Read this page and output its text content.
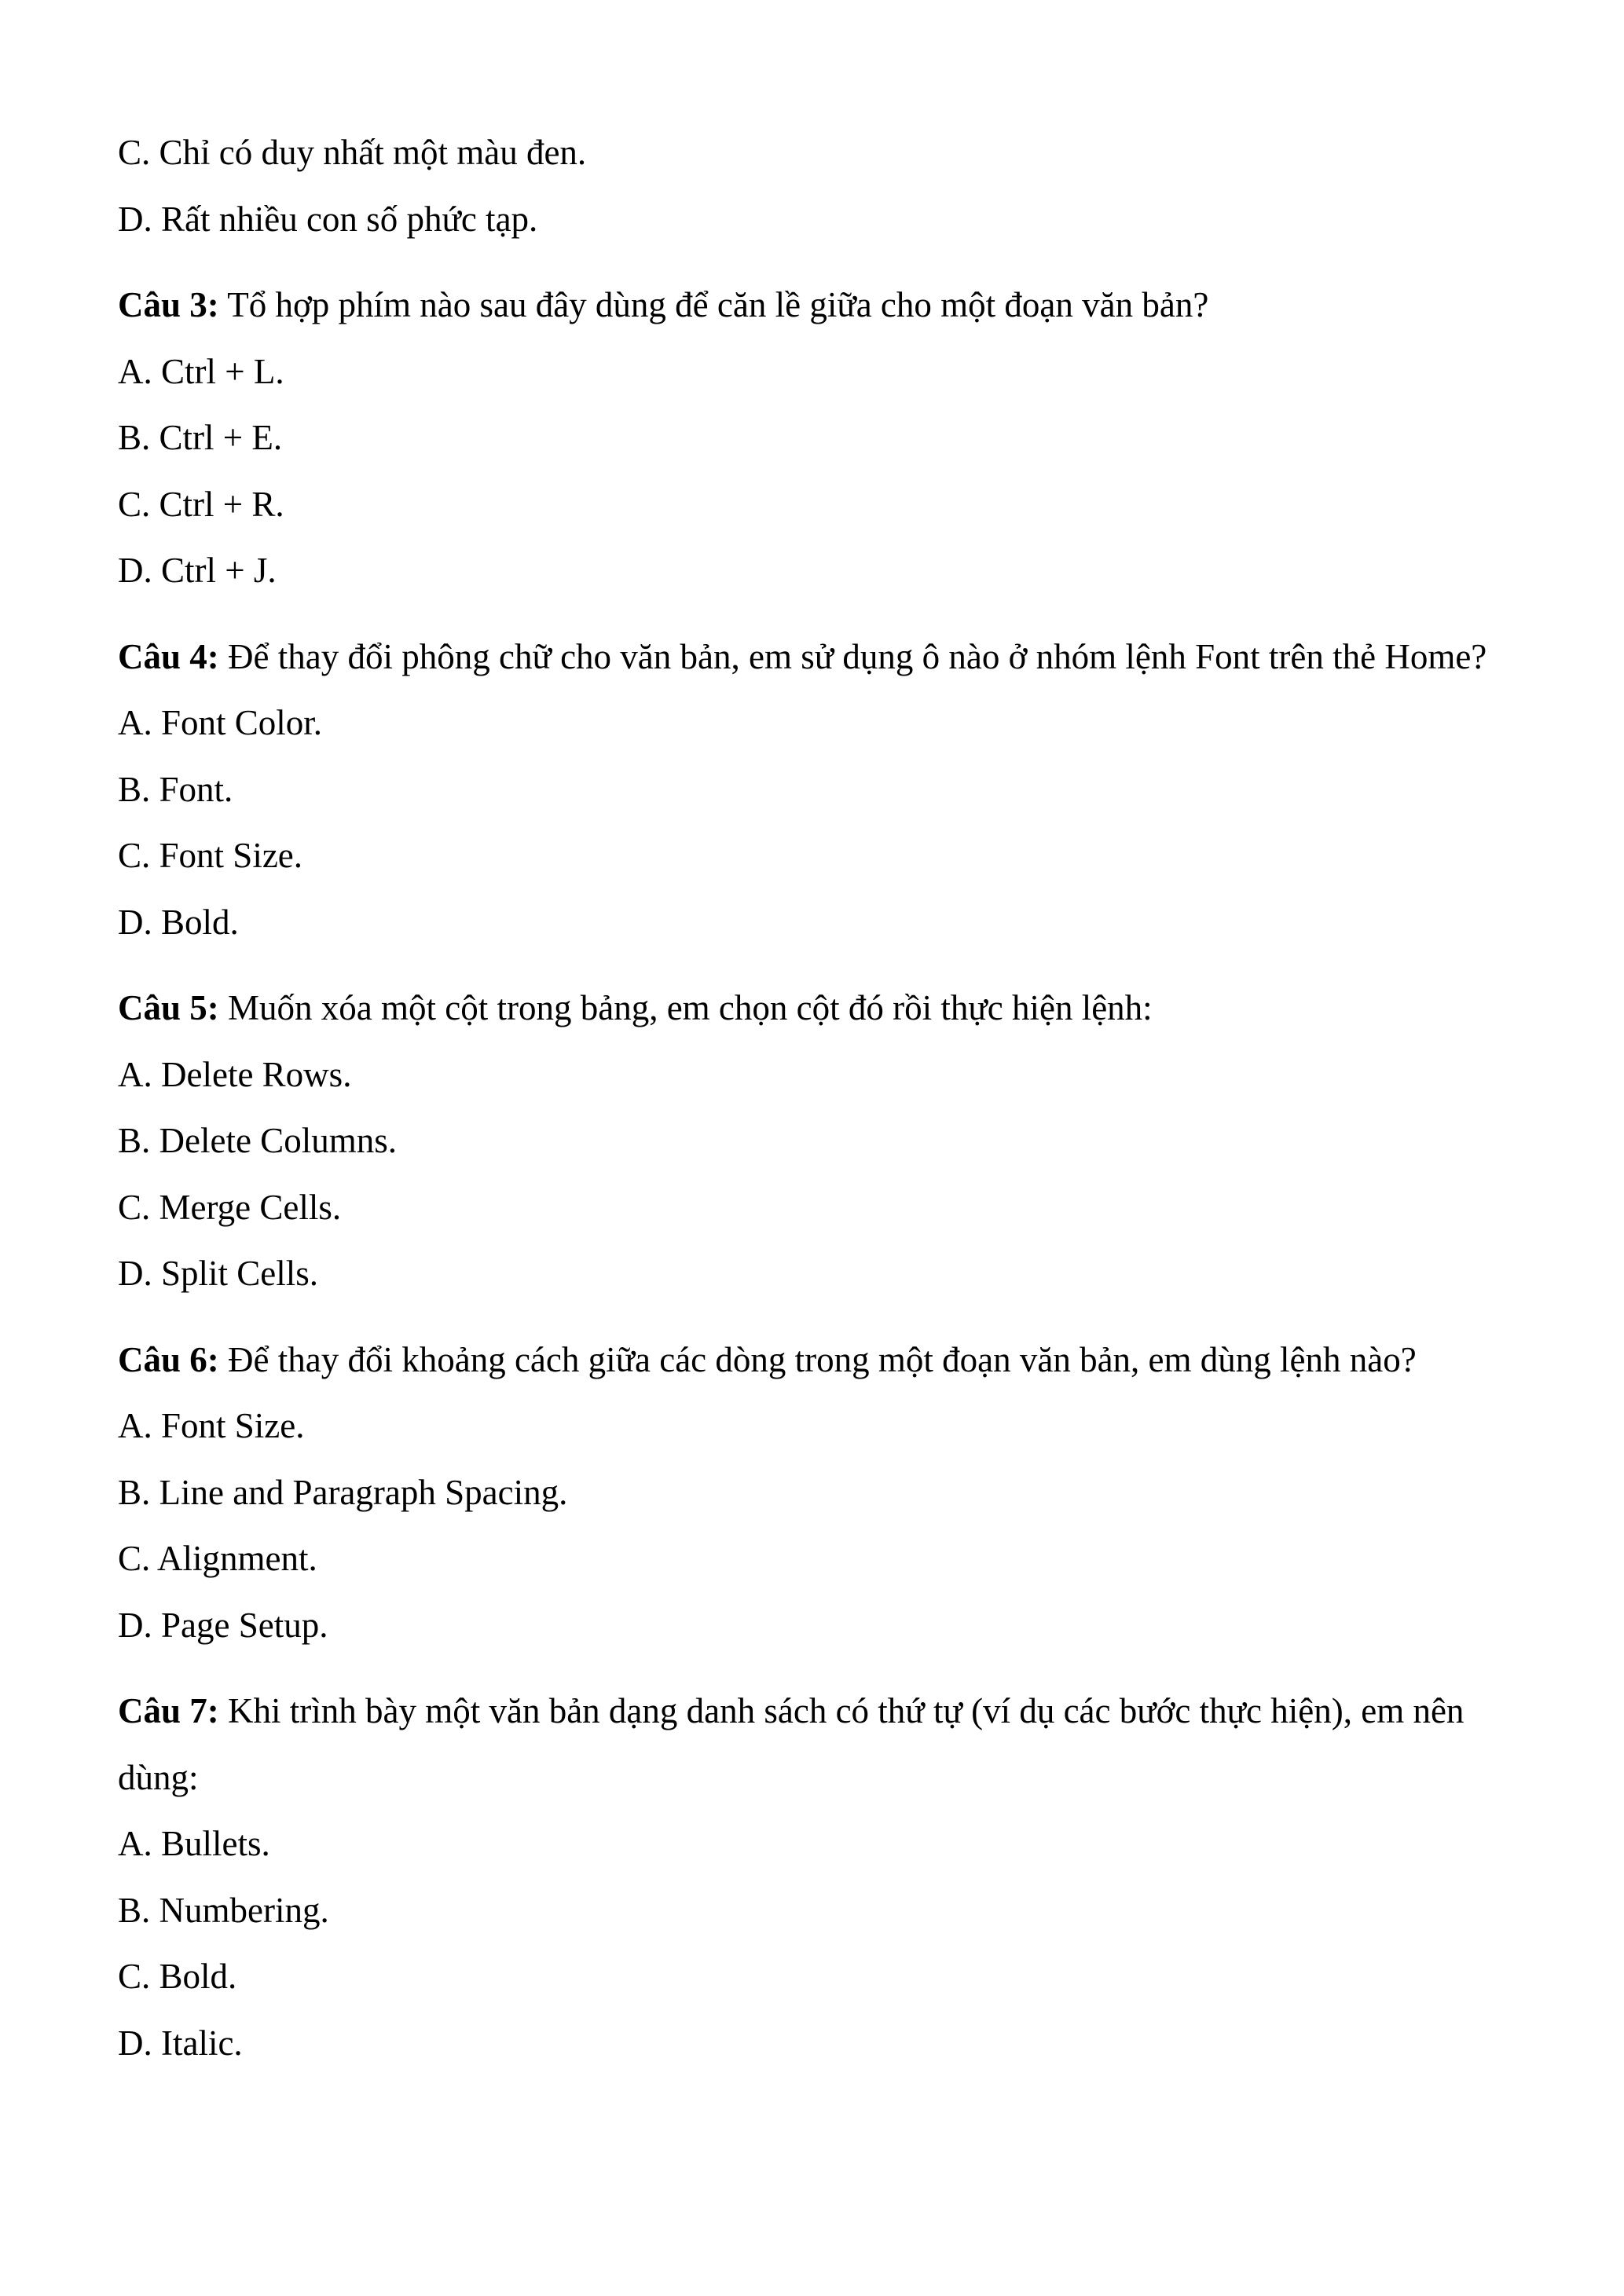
C. Chỉ có duy nhất một màu đen.

D. Rất nhiều con số phức tạp.

Câu 3: Tổ hợp phím nào sau đây dùng để căn lề giữa cho một đoạn văn bản?

A. Ctrl + L.

B. Ctrl + E.

C. Ctrl + R.

D. Ctrl + J.

Câu 4: Để thay đổi phông chữ cho văn bản, em sử dụng ô nào ở nhóm lệnh Font trên thẻ Home?

A. Font Color.

B. Font.

C. Font Size.

D. Bold.

Câu 5: Muốn xóa một cột trong bảng, em chọn cột đó rồi thực hiện lệnh:

A. Delete Rows.

B. Delete Columns.

C. Merge Cells.

D. Split Cells.

Câu 6: Để thay đổi khoảng cách giữa các dòng trong một đoạn văn bản, em dùng lệnh nào?

A. Font Size.

B. Line and Paragraph Spacing.

C. Alignment.

D. Page Setup.

Câu 7: Khi trình bày một văn bản dạng danh sách có thứ tự (ví dụ các bước thực hiện), em nên dùng:

A. Bullets.

B. Numbering.

C. Bold.

D. Italic.
